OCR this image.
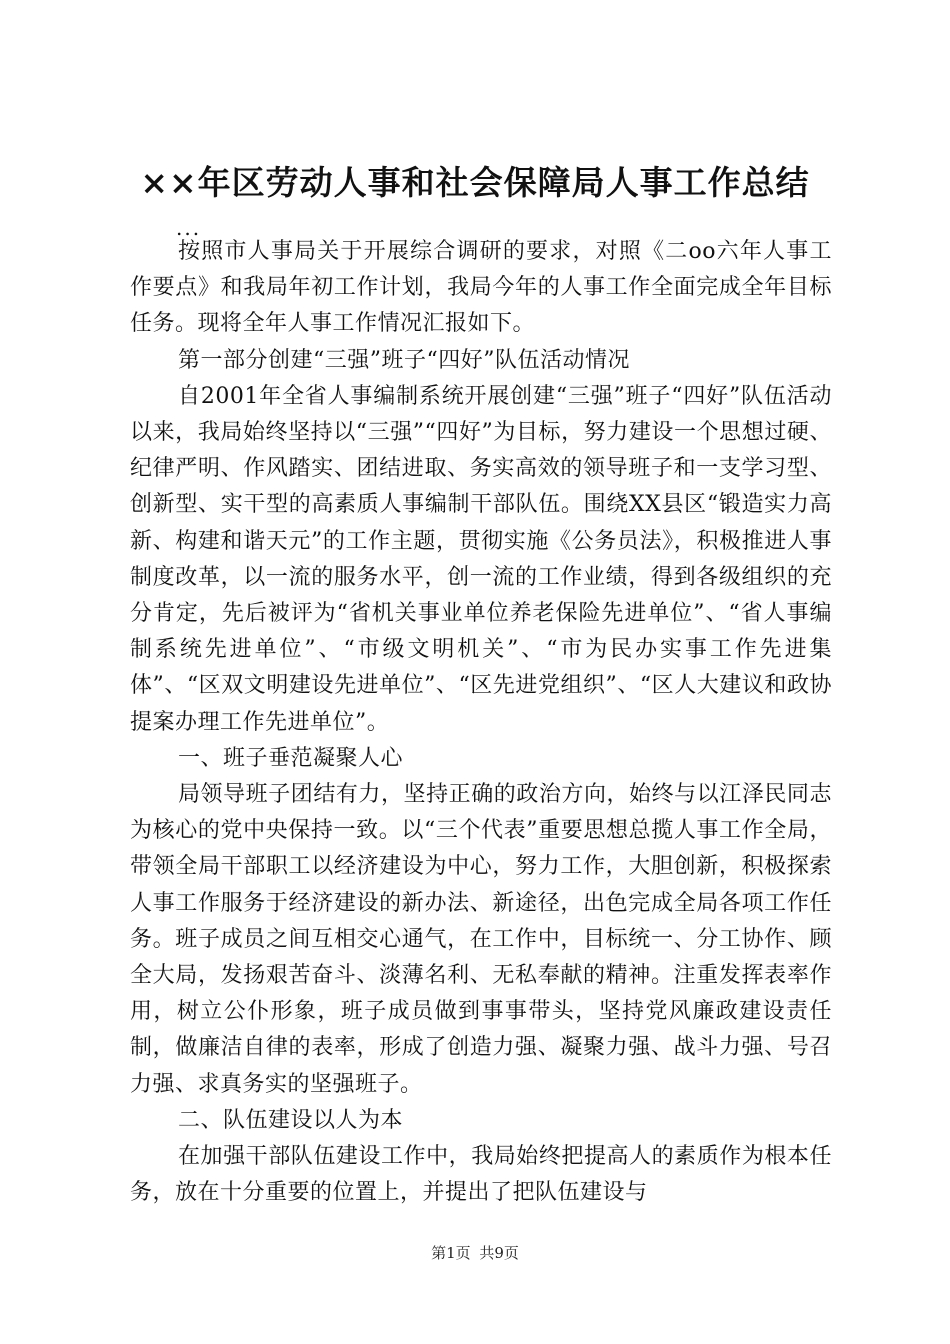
××年区劳动人事和社会保障局人事工作总结
...

按照市人事局关于开展综合调研的要求，对照《二oo六年人事工作要点》和我局年初工作计划，我局今年的人事工作全面完成全年目标任务。现将全年人事工作情况汇报如下。

第一部分创建“三强”班子“四好”队伍活动情况

自2001年全省人事编制系统开展创建“三强”班子“四好”队伍活动以来，我局始终坚持以“三强”“四好”为目标，努力建设一个思想过硬、纪律严明、作风踏实、团结进取、务实高效的领导班子和一支学习型、创新型、实干型的高素质人事编制干部队伍。围绕XX县区“锻造实力高新、构建和谐天元”的工作主题，贯彻实施《公务员法》，积极推进人事制度改革，以一流的服务水平，创一流的工作业绩，得到各级组织的充分肯定，先后被评为“省机关事业单位养老保险先进单位”、“省人事编制系统先进单位”、“市级文明机关”、“市为民办实事工作先进集体”、“区双文明建设先进单位”、“区先进党组织”、“区人大建议和政协提案办理工作先进单位”。

一、班子垂范凝聚人心

局领导班子团结有力，坚持正确的政治方向，始终与以江泽民同志为核心的党中央保持一致。以“三个代表”重要思想总揽人事工作全局，带领全局干部职工以经济建设为中心，努力工作，大胆创新，积极探索人事工作服务于经济建设的新办法、新途径，出色完成全局各项工作任务。班子成员之间互相交心通气，在工作中，目标统一、分工协作、顾全大局，发扬艰苦奋斗、淡薄名利、无私奉献的精神。注重发挥表率作用，树立公仆形象，班子成员做到事事带头，坚持党风廉政建设责任制，做廉洁自律的表率，形成了创造力强、凝聚力强、战斗力强、号召力强、求真务实的坚强班子。

二、队伍建设以人为本

在加强干部队伍建设工作中，我局始终把提高人的素质作为根本任务，放在十分重要的位置上，并提出了把队伍建设与

第1页 共9页
